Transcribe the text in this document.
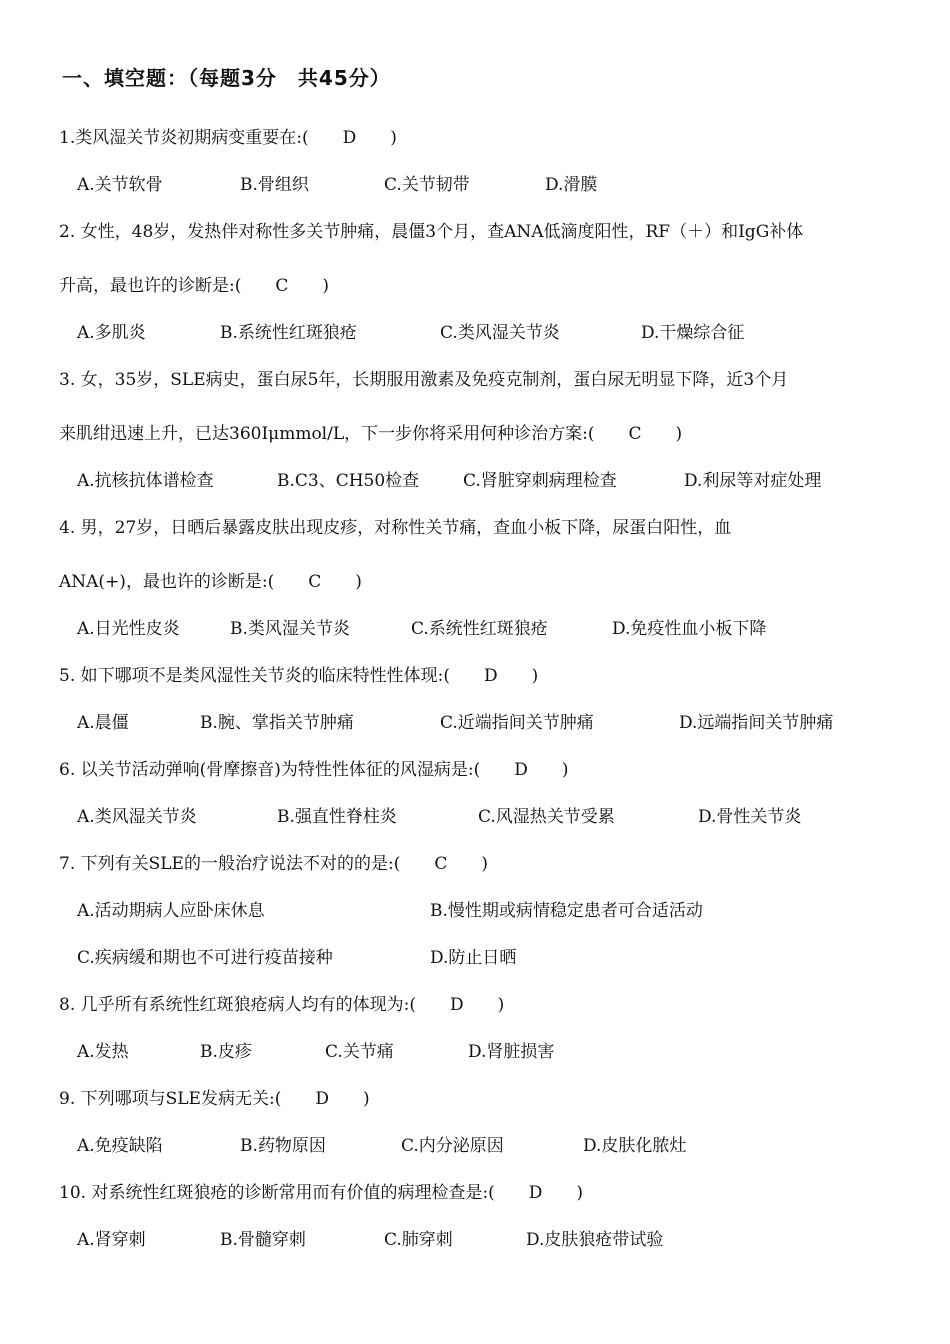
一、填空题：（每题3分　共45分）
1.类风湿关节炎初期病变重要在:(　　D　　)
A.关节软骨	B.骨组织	C.关节韧带	D.滑膜
2. 女性，48岁，发热伴对称性多关节肿痛，晨僵3个月，查ANA低滴度阳性，RF（＋）和IgG补体
升高，最也许的诊断是:(　　C　　)
A.多肌炎	B.系统性红斑狼疮	C.类风湿关节炎	D.干燥综合征
3. 女，35岁，SLE病史，蛋白尿5年，长期服用激素及免疫克制剂，蛋白尿无明显下降，近3个月
来肌绀迅速上升，已达360Iμmmol/L，下一步你将采用何种诊治方案:(　　C　　)
A.抗核抗体谱检查	B.C3、CH50检查	C.肾脏穿刺病理检查	D.利尿等对症处理
4. 男，27岁，日晒后暴露皮肤出现皮疹，对称性关节痛，查血小板下降，尿蛋白阳性，血
ANA(+)，最也许的诊断是:(　　C　　)
A.日光性皮炎	B.类风湿关节炎	C.系统性红斑狼疮	D.免疫性血小板下降
5. 如下哪项不是类风湿性关节炎的临床特性性体现:(　　D　　)
A.晨僵	B.腕、掌指关节肿痛	C.近端指间关节肿痛	D.远端指间关节肿痛
6. 以关节活动弹响(骨摩擦音)为特性性体征的风湿病是:(　　D　　)
A.类风湿关节炎	B.强直性脊柱炎	C.风湿热关节受累	D.骨性关节炎
7. 下列有关SLE的一般治疗说法不对的的是:(　　C　　)
A.活动期病人应卧床休息	B.慢性期或病情稳定患者可合适活动
C.疾病缓和期也不可进行疫苗接种	D.防止日晒
8. 几乎所有系统性红斑狼疮病人均有的体现为:(　　D　　)
A.发热	B.皮疹	C.关节痛	D.肾脏损害
9. 下列哪项与SLE发病无关:(　　D　　)
A.免疫缺陷	B.药物原因	C.内分泌原因	D.皮肤化脓灶
10. 对系统性红斑狼疮的诊断常用而有价值的病理检查是:(　　D　　)
A.肾穿刺	B.骨髓穿刺	C.肺穿刺	D.皮肤狼疮带试验
